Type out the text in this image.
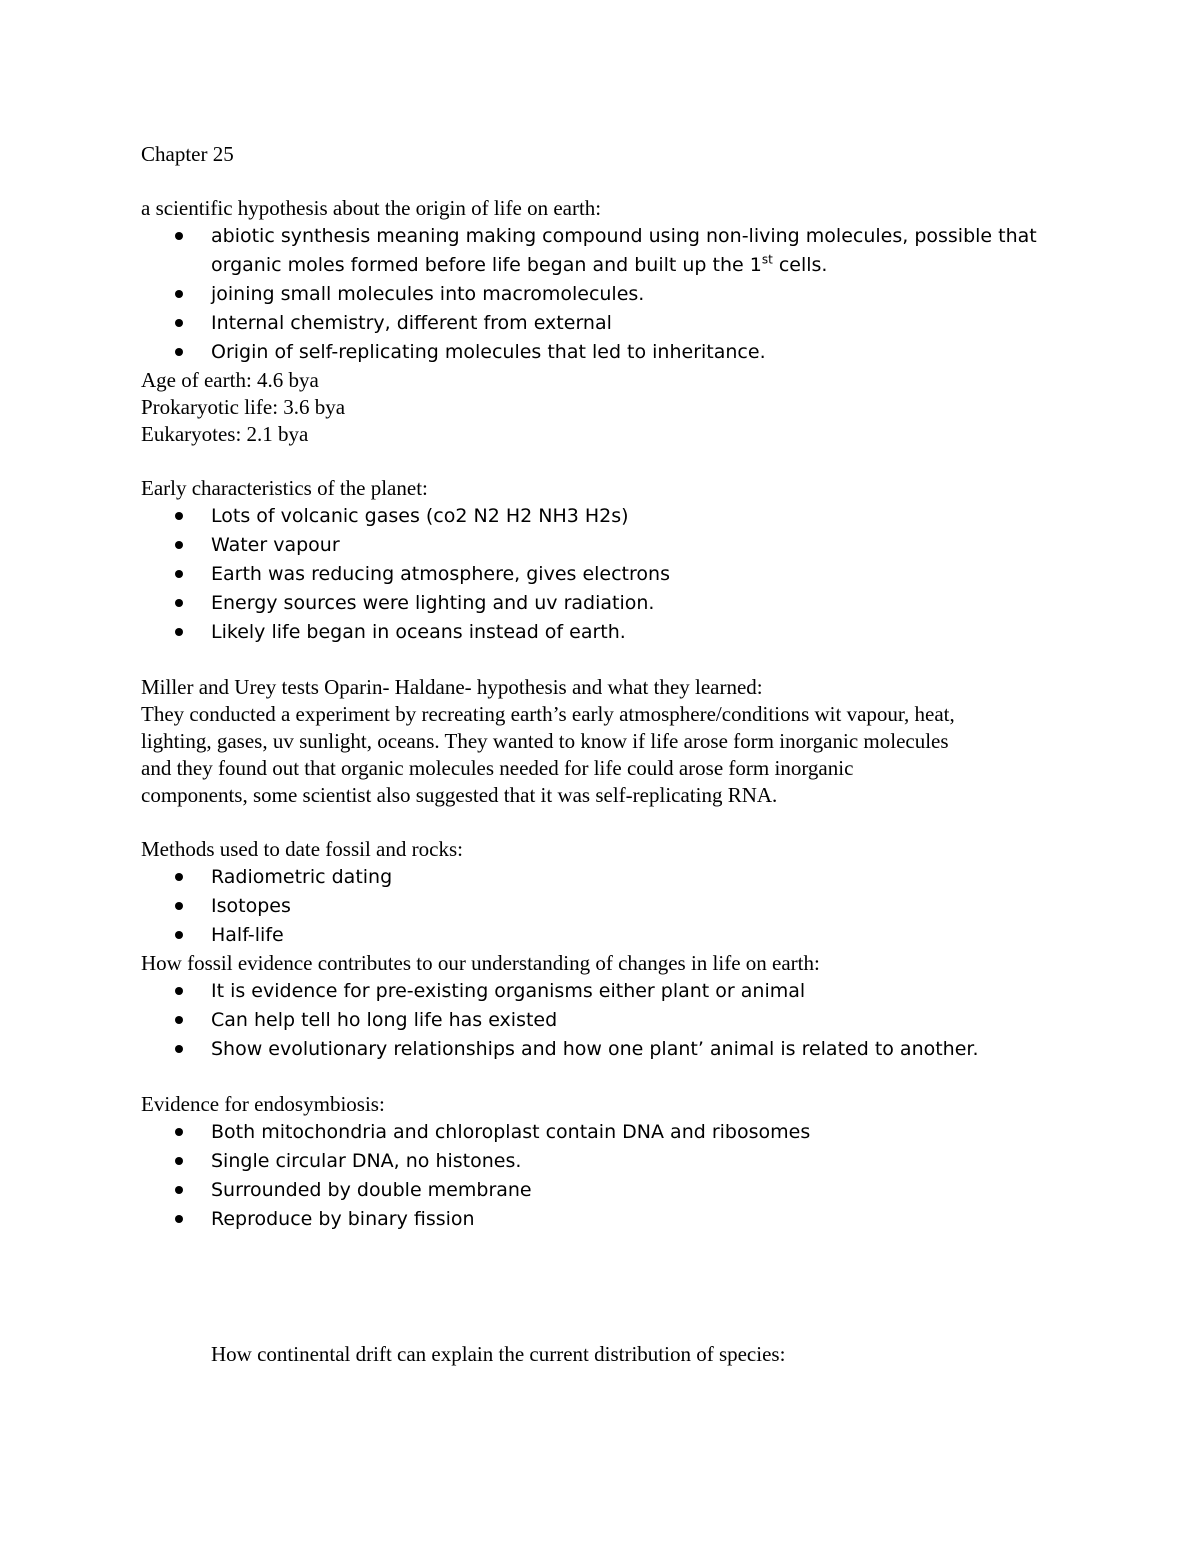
Chapter 25

a scientific hypothesis about the origin of life on earth:

abiotic synthesis meaning making compound using non-living molecules, possible that organic moles formed before life began and built up the 1st cells.
joining small molecules into macromolecules.
Internal chemistry, different from external
Origin of self-replicating molecules that led to inheritance.

Age of earth: 4.6 bya

Prokaryotic life: 3.6 bya

Eukaryotes: 2.1 bya

Early characteristics of the planet:

Lots of volcanic gases (co2 N2 H2 NH3 H2s)
Water vapour
Earth was reducing atmosphere, gives electrons
Energy sources were lighting and uv radiation.
Likely life began in oceans instead of earth.

Miller and Urey tests Oparin- Haldane- hypothesis and what they learned:

They conducted a experiment by recreating earth’s early atmosphere/conditions wit vapour, heat,

lighting, gases, uv sunlight, oceans. They wanted to know if life arose form inorganic molecules

and they found out that organic molecules needed for life could arose form inorganic

components, some scientist also suggested that it was self-replicating RNA.

Methods used to date fossil and rocks:

Radiometric dating
Isotopes
Half-life

How fossil evidence contributes to our understanding of changes in life on earth:

It is evidence for pre-existing organisms either plant or animal
Can help tell ho long life has existed
Show evolutionary relationships and how one plant’ animal is related to another.

Evidence for endosymbiosis:

Both mitochondria and chloroplast contain DNA and ribosomes
Single circular DNA, no histones.
Surrounded by double membrane
Reproduce by binary fission

How continental drift can explain the current distribution of species:
